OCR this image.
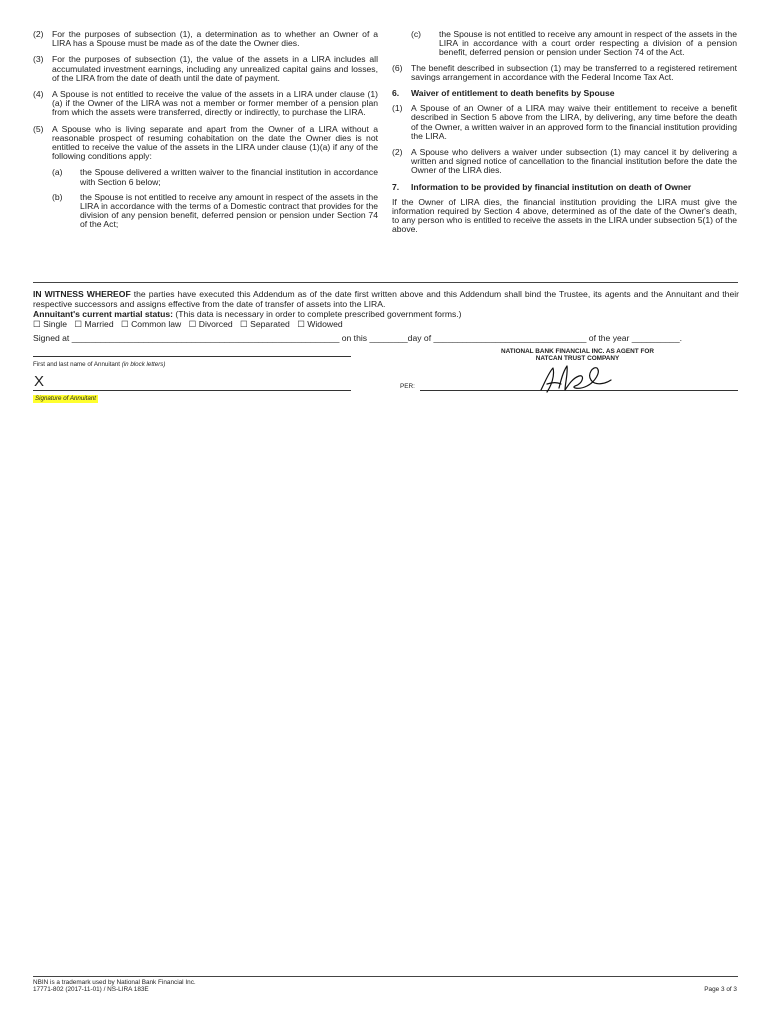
(2) For the purposes of subsection (1), a determination as to whether an Owner of a LIRA has a Spouse must be made as of the date the Owner dies.
(3) For the purposes of subsection (1), the value of the assets in a LIRA includes all accumulated investment earnings, including any unrealized capital gains and losses, of the LIRA from the date of death until the date of payment.
(4) A Spouse is not entitled to receive the value of the assets in a LIRA under clause (1)(a) if the Owner of the LIRA was not a member or former member of a pension plan from which the assets were transferred, directly or indirectly, to purchase the LIRA.
(5) A Spouse who is living separate and apart from the Owner of a LIRA without a reasonable prospect of resuming cohabitation on the date the Owner dies is not entitled to receive the value of the assets in the LIRA under clause (1)(a) if any of the following conditions apply:
(a)	the Spouse delivered a written waiver to the financial institution in accordance with Section 6 below;
(b)	the Spouse is not entitled to receive any amount in respect of the assets in the LIRA in accordance with the terms of a Domestic contract that provides for the division of any pension benefit, deferred pension or pension under Section 74 of the Act;
(c)	the Spouse is not entitled to receive any amount in respect of the assets in the LIRA in accordance with a court order respecting a division of a pension benefit, deferred pension or pension under Section 74 of the Act.
(6) The benefit described in subsection (1) may be transferred to a registered retirement savings arrangement in accordance with the Federal Income Tax Act.
6.	Waiver of entitlement to death benefits by Spouse
(1) A Spouse of an Owner of a LIRA may waive their entitlement to receive a benefit described in Section 5 above from the LIRA, by delivering, any time before the death of the Owner, a written waiver in an approved form to the financial institution providing the LIRA.
(2) A Spouse who delivers a waiver under subsection (1) may cancel it by delivering a written and signed notice of cancellation to the financial institution before the date the Owner of the LIRA dies.
7.	Information to be provided by financial institution on death of Owner
If the Owner of LIRA dies, the financial institution providing the LIRA must give the information required by Section 4 above, determined as of the date of the Owner's death, to any person who is entitled to receive the assets in the LIRA under subsection 5(1) of the above.
IN WITNESS WHEREOF the parties have executed this Addendum as of the date first written above and this Addendum shall bind the Trustee, its agents and the Annuitant and their respective successors and assigns effective from the date of transfer of assets into the LIRA.
Annuitant's current martial status: (This data is necessary in order to complete prescribed government forms.)
☐ Single ☐ Married ☐ Common law ☐ Divorced ☐ Separated ☐ Widowed
Signed at ________________________________________________________ on this ________day of ________________________________ of the year __________.
NATIONAL BANK FINANCIAL INC. AS AGENT FOR
NATCAN TRUST COMPANY
First and last name of Annuitant (in block letters)
X
Signature of Annuitant
PER:
NBIN is a trademark used by National Bank Financial Inc.
17771-802 (2017-11-01) / NS-LIRA 183E	Page 3 of 3
